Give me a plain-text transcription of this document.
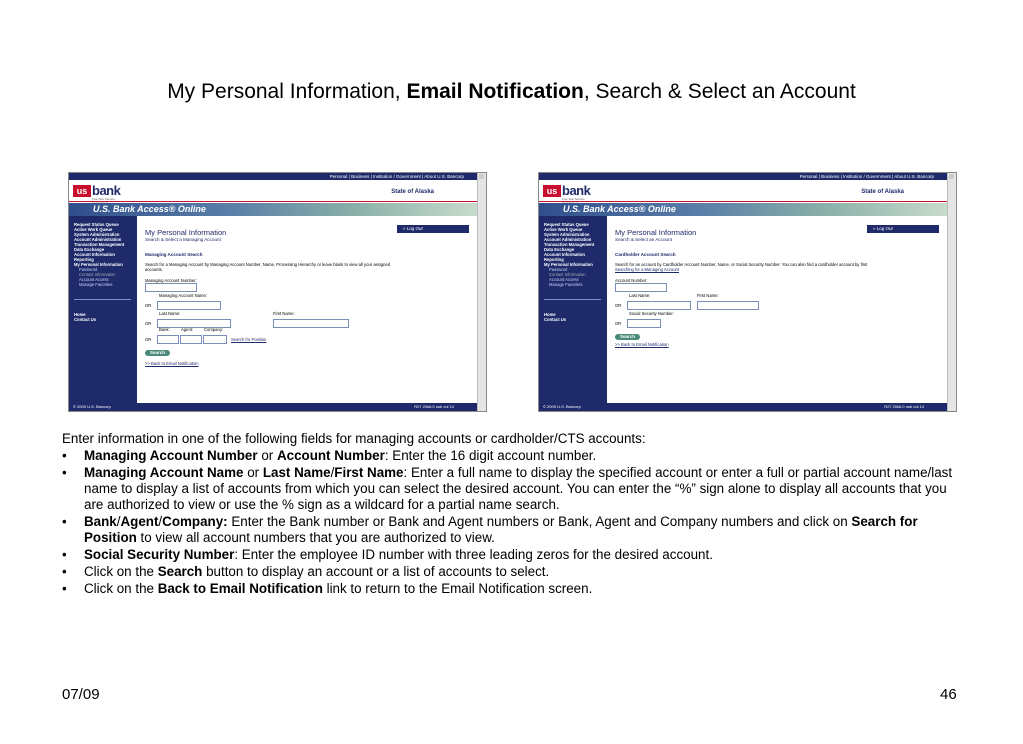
My Personal Information, Email Notification, Search & Select an Account
Personal | Business | Institution / Government | About U.S. Bancorp
us bank
Five Star Service
State of Alaska
U.S. Bank Access® Online
Request Status Queue
Active Work Queue
System Administration
Account Administration
Transaction Management
Data Exchange
Account Information
Reporting
My Personal Information
Password
Contact Information
Account Access
Manage Favorites
Home
Contact Us
» Log Out
My Personal Information
Search & Select a Managing Account
Managing Account Search
Search for a Managing Account by Managing Account Number, Name, Processing Hierarchy or leave blank to view all your assigned accounts.
Managing Account Number:
Managing Account Name:
OR
Last Name:	First Name:
OR
Bank:	Agent:	Company:
OR	Search for Position
Search
>> Back to Email Notification
© 2009 U.S. Bancorp	R27 20k6.0 usb col 14
Personal | Business | Institution / Government | About U.S. Bancorp
us bank
Five Star Service
State of Alaska
U.S. Bank Access® Online
Request Status Queue
Active Work Queue
System Administration
Account Administration
Transaction Management
Data Exchange
Account Information
Reporting
My Personal Information
Password
Contact Information
Account Access
Manage Favorites
Home
Contact Us
» Log Out
My Personal Information
Search & Select an Account
Cardholder Account Search
Search for an account by Cardholder Account Number, Name, or Social Security Number. You can also find a cardholder account by first Searching for a Managing Account
Account Number:
Last Name:	First Name:
OR
Social Security Number:
OR
Search
>> Back to Email Notification
© 2009 U.S. Bancorp	R27 20k6.0 usb col 14
Enter information in one of the following fields for managing accounts or cardholder/CTS accounts:
• Managing Account Number or Account Number: Enter the 16 digit account number.
• Managing Account Name or Last Name/First Name: Enter a full name to display the specified account or enter a full or partial account name/last name to display a list of accounts from which you can select the desired account. You can enter the “%” sign alone to display all accounts that you are authorized to view or use the % sign as a wildcard for a partial name search.
• Bank/Agent/Company: Enter the Bank number or Bank and Agent numbers or Bank, Agent and Company numbers and click on Search for Position to view all account numbers that you are authorized to view.
• Social Security Number: Enter the employee ID number with three leading zeros for the desired account.
• Click on the Search button to display an account or a list of accounts to select.
• Click on the Back to Email Notification link to return to the Email Notification screen.
07/09	46
